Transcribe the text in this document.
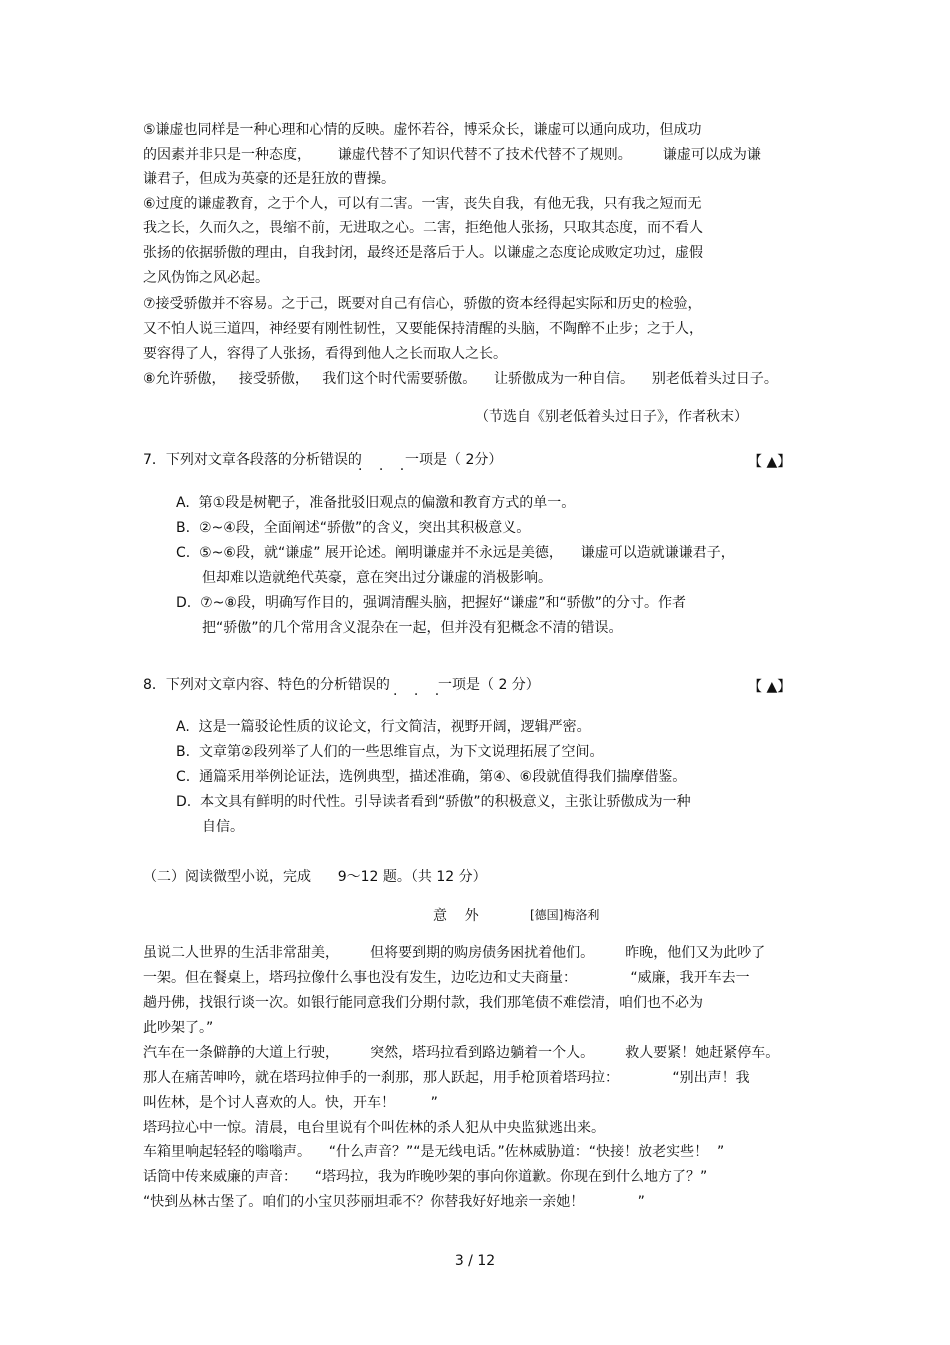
⑤谦虚也同样是一种心理和心情的反映。虚怀若谷，博采众长，谦虚可以通向成功，但成功
的因素并非只是一种态度，      谦虚代替不了知识代替不了技术代替不了规则。       谦虚可以成为谦
谦君子，但成为英豪的还是狂放的曹操。
⑥过度的谦虚教育，之于个人，可以有二害。一害，丧失自我，有他无我，只有我之短而无
我之长，久而久之，畏缩不前，无进取之心。二害，拒绝他人张扬，只取其态度，而不看人
张扬的依据骄傲的理由，自我封闭，最终还是落后于人。以谦虚之态度论成败定功过，虚假
之风伪饰之风必起。
⑦接受骄傲并不容易。之于己，既要对自己有信心，骄傲的资本经得起实际和历史的检验，
又不怕人说三道四，神经要有刚性韧性，又要能保持清醒的头脑，不陶醉不止步；之于人，
要容得了人，容得了人张扬，看得到他人之长而取人之长。
⑧允许骄傲，   接受骄傲，   我们这个时代需要骄傲。    让骄傲成为一种自信。    别老低着头过日子。
（节选自《别老低着头过日子》，作者秋末）
7．下列对文章各段落的分析错误的
. . .
一项是（ 2分）	【 ▲】
A.  第①段是树靶子，准备批驳旧观点的偏激和教育方式的单一。
B.  ②~④段，全面阐述“骄傲”的含义，突出其积极意义。
C.  ⑤~⑥段，就“谦虚” 展开论述。阐明谦虚并不永远是美德，    谦虚可以造就谦谦君子，
但却难以造就绝代英豪，意在突出过分谦虚的消极影响。
D.  ⑦~⑧段，明确写作目的，强调清醒头脑，把握好“谦虚”和“骄傲”的分寸。作者
把“骄傲”的几个常用含义混杂在一起，但并没有犯概念不清的错误。
8．下列对文章内容、特色的分析错误的 . . .
一项是（ 2 分）	【 ▲】
A.  这是一篇驳论性质的议论文，行文简洁，视野开阔，逻辑严密。
B.  文章第②段列举了人们的一些思维盲点，为下文说理拓展了空间。
C.  通篇采用举例论证法，选例典型，描述准确，第④、⑥段就值得我们揣摩借鉴。
D.  本文具有鲜明的时代性。引导读者看到“骄傲”的积极意义，主张让骄傲成为一种
自信。
（二）阅读微型小说，完成      9～12 题。（共 12 分）
意    外	[德国]梅洛利
虽说二人世界的生活非常甜美，       但将要到期的购房债务困扰着他们。       昨晚，他们又为此吵了
一架。但在餐桌上，塔玛拉像什么事也没有发生，边吃边和丈夫商量：            “威廉，我开车去一
趟丹佛，找银行谈一次。如银行能同意我们分期付款，我们那笔债不难偿清，咱们也不必为
此吵架了。”
汽车在一条僻静的大道上行驶，       突然，塔玛拉看到路边躺着一个人。       救人要紧！她赶紧停车。
那人在痛苦呻吟，就在塔玛拉伸手的一刹那，那人跃起，用手枪顶着塔玛拉：            “别出声！我
叫佐林，是个讨人喜欢的人。快，开车！        ”
塔玛拉心中一惊。清晨，电台里说有个叫佐林的杀人犯从中央监狱逃出来。
车箱里响起轻轻的嗡嗡声。    “什么声音？”“是无线电话。”佐林威胁道：“快接！放老实些！  ”
话筒中传来威廉的声音：    “塔玛拉，我为昨晚吵架的事向你道歉。你现在到什么地方了？”
“快到丛林古堡了。咱们的小宝贝莎丽坦乖不？你替我好好地亲一亲她！            ”
3 / 12
